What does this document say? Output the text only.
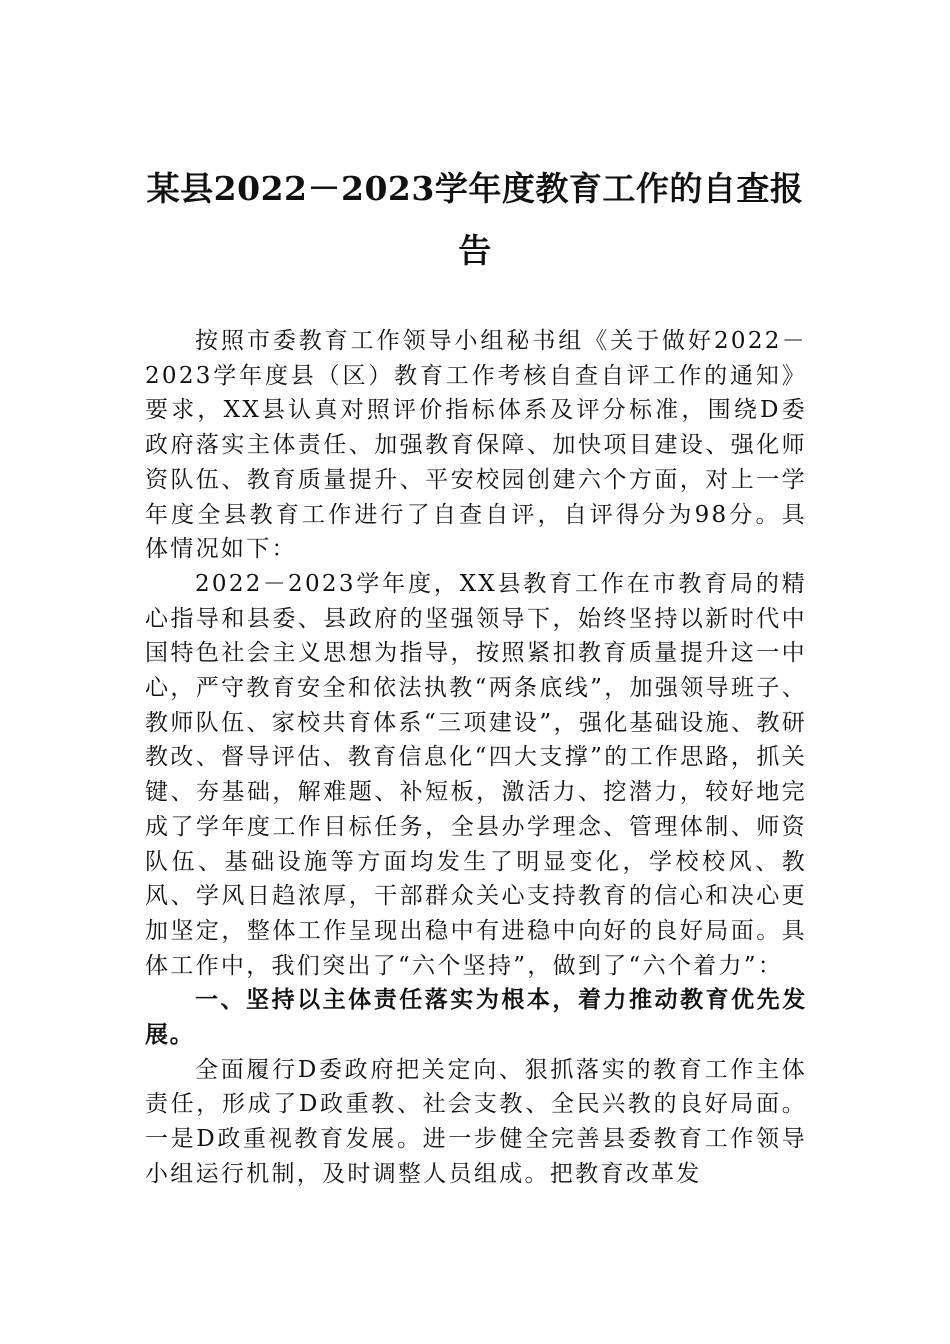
某县2022－2023学年度教育工作的自查报告

按照市委教育工作领导小组秘书组《关于做好2022－2023学年度县（区）教育工作考核自查自评工作的通知》要求，XX县认真对照评价指标体系及评分标准，围绕D委政府落实主体责任、加强教育保障、加快项目建设、强化师资队伍、教育质量提升、平安校园创建六个方面，对上一学年度全县教育工作进行了自查自评，自评得分为98分。具体情况如下：

2022－2023学年度，XX县教育工作在市教育局的精心指导和县委、县政府的坚强领导下，始终坚持以新时代中国特色社会主义思想为指导，按照紧扣教育质量提升这一中心，严守教育安全和依法执教“两条底线”，加强领导班子、教师队伍、家校共育体系“三项建设”，强化基础设施、教研教改、督导评估、教育信息化“四大支撑”的工作思路，抓关键、夯基础，解难题、补短板，激活力、挖潜力，较好地完成了学年度工作目标任务，全县办学理念、管理体制、师资队伍、基础设施等方面均发生了明显变化，学校校风、教风、学风日趋浓厚，干部群众关心支持教育的信心和决心更加坚定，整体工作呈现出稳中有进稳中向好的良好局面。具体工作中，我们突出了“六个坚持”，做到了“六个着力”：

一、坚持以主体责任落实为根本，着力推动教育优先发展。

全面履行D委政府把关定向、狠抓落实的教育工作主体责任，形成了D政重教、社会支教、全民兴教的良好局面。一是D政重视教育发展。进一步健全完善县委教育工作领导小组运行机制，及时调整人员组成。把教育改革发
